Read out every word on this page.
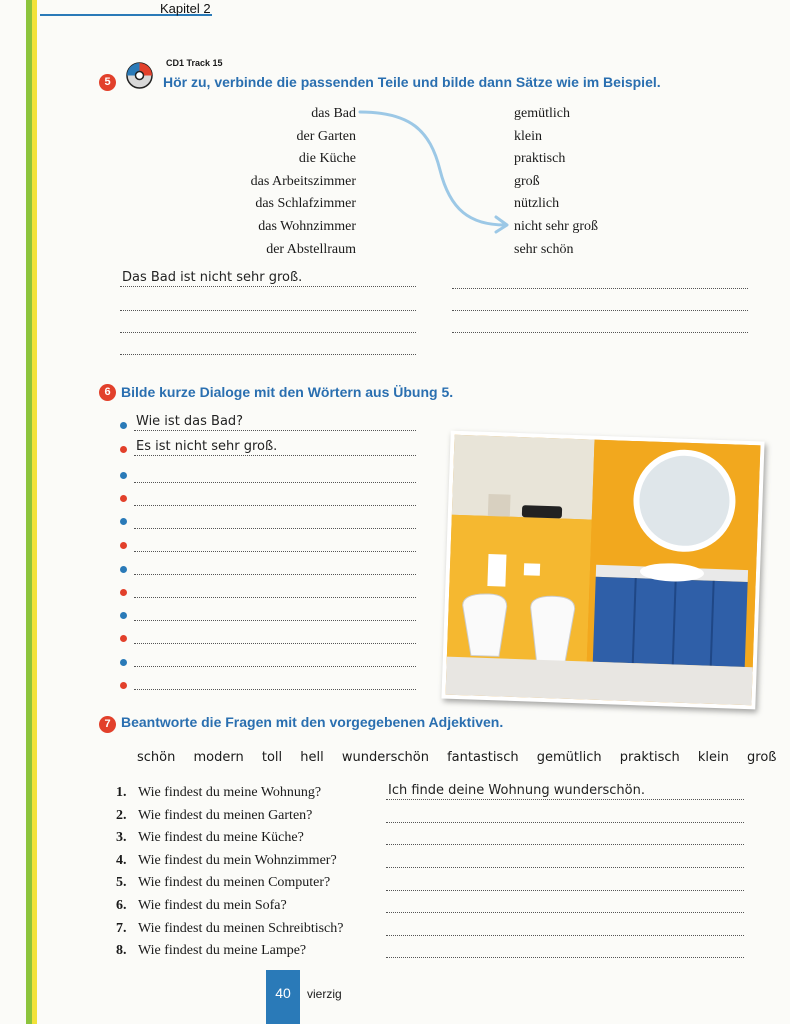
Kapitel 2
5
CD1 Track 15
Hör zu, verbinde die passenden Teile und bilde dann Sätze wie im Beispiel.
das Bad
der Garten
die Küche
das Arbeitszimmer
das Schlafzimmer
das Wohnzimmer
der Abstellraum
gemütlich
klein
praktisch
groß
nützlich
nicht sehr groß
sehr schön
Das Bad ist nicht sehr groß.
6 Bilde kurze Dialoge mit den Wörtern aus Übung 5.
Wie ist das Bad?
Es ist nicht sehr groß.
7 Beantworte die Fragen mit den vorgegebenen Adjektiven.
schön modern toll hell wunderschön fantastisch gemütlich praktisch klein groß
1. Wie findest du meine Wohnung?
2. Wie findest du meinen Garten?
3. Wie findest du meine Küche?
4. Wie findest du mein Wohnzimmer?
5. Wie findest du meinen Computer?
6. Wie findest du mein Sofa?
7. Wie findest du meinen Schreibtisch?
8. Wie findest du meine Lampe?
Ich finde deine Wohnung wunderschön.
40	vierzig
